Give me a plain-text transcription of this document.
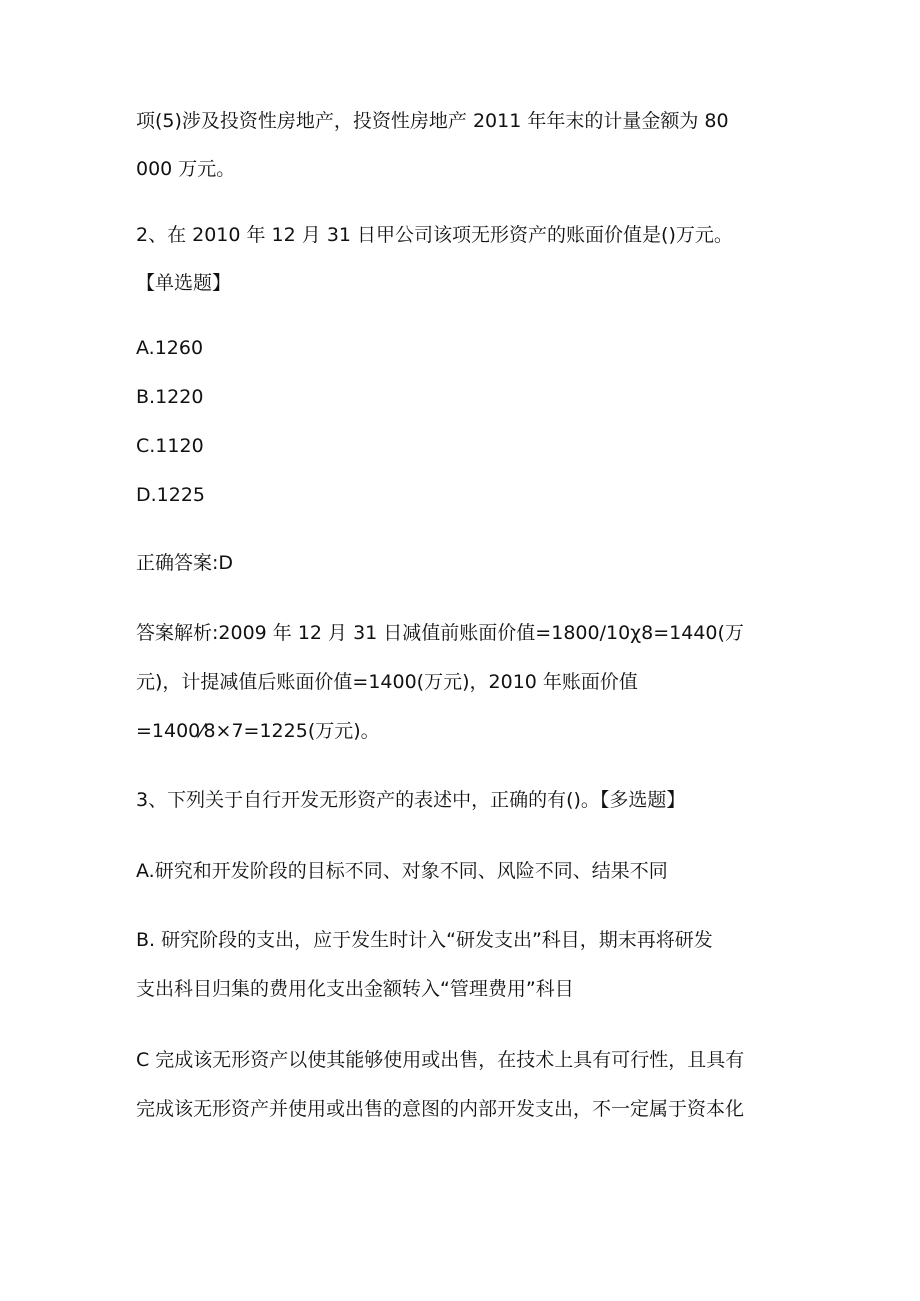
项(5)涉及投资性房地产，投资性房地产 2011 年年末的计量金额为 80
000 万元。
2、在 2010 年 12 月 31 日甲公司该项无形资产的账面价值是()万元。
【单选题】
A.1260
B.1220
C.1120
D.1225
正确答案:D
答案解析:2009 年 12 月 31 日减值前账面价值=1800/10χ8=1440(万
元)，计提减值后账面价值=1400(万元)，2010 年账面价值
=1400⁄8×7=1225(万元)。
3、下列关于自行开发无形资产的表述中，正确的有()。【多选题】
A.研究和开发阶段的目标不同、对象不同、风险不同、结果不同
B. 研究阶段的支出，应于发生时计入“研发支出”科目，期末再将研发
支出科目归集的费用化支出金额转入“管理费用”科目
C 完成该无形资产以使其能够使用或出售，在技术上具有可行性，且具有
完成该无形资产并使用或出售的意图的内部开发支出，不一定属于资本化
